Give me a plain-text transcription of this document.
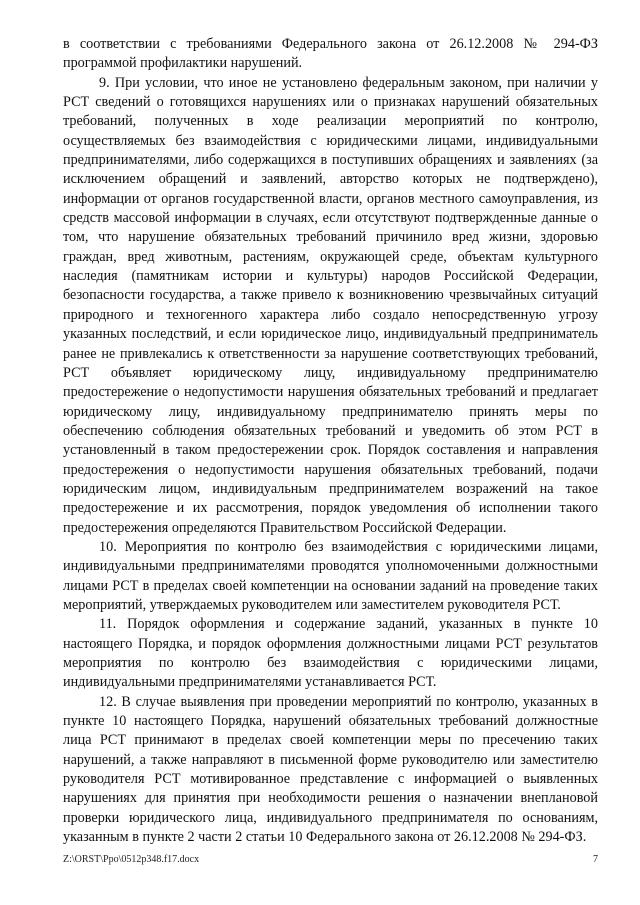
в соответствии с требованиями Федерального закона от 26.12.2008 № 294-ФЗ программой профилактики нарушений.

9. При условии, что иное не установлено федеральным законом, при наличии у РСТ сведений о готовящихся нарушениях или о признаках нарушений обязательных требований, полученных в ходе реализации мероприятий по контролю, осуществляемых без взаимодействия с юридическими лицами, индивидуальными предпринимателями, либо содержащихся в поступивших обращениях и заявлениях (за исключением обращений и заявлений, авторство которых не подтверждено), информации от органов государственной власти, органов местного самоуправления, из средств массовой информации в случаях, если отсутствуют подтвержденные данные о том, что нарушение обязательных требований причинило вред жизни, здоровью граждан, вред животным, растениям, окружающей среде, объектам культурного наследия (памятникам истории и культуры) народов Российской Федерации, безопасности государства, а также привело к возникновению чрезвычайных ситуаций природного и техногенного характера либо создало непосредственную угрозу указанных последствий, и если юридическое лицо, индивидуальный предприниматель ранее не привлекались к ответственности за нарушение соответствующих требований, РСТ объявляет юридическому лицу, индивидуальному предпринимателю предостережение о недопустимости нарушения обязательных требований и предлагает юридическому лицу, индивидуальному предпринимателю принять меры по обеспечению соблюдения обязательных требований и уведомить об этом РСТ в установленный в таком предостережении срок. Порядок составления и направления предостережения о недопустимости нарушения обязательных требований, подачи юридическим лицом, индивидуальным предпринимателем возражений на такое предостережение и их рассмотрения, порядок уведомления об исполнении такого предостережения определяются Правительством Российской Федерации.

10. Мероприятия по контролю без взаимодействия с юридическими лицами, индивидуальными предпринимателями проводятся уполномоченными должностными лицами РСТ в пределах своей компетенции на основании заданий на проведение таких мероприятий, утверждаемых руководителем или заместителем руководителя РСТ.

11. Порядок оформления и содержание заданий, указанных в пункте 10 настоящего Порядка, и порядок оформления должностными лицами РСТ результатов мероприятия по контролю без взаимодействия с юридическими лицами, индивидуальными предпринимателями устанавливается РСТ.

12. В случае выявления при проведении мероприятий по контролю, указанных в пункте 10 настоящего Порядка, нарушений обязательных требований должностные лица РСТ принимают в пределах своей компетенции меры по пресечению таких нарушений, а также направляют в письменной форме руководителю или заместителю руководителя РСТ мотивированное представление с информацией о выявленных нарушениях для принятия при необходимости решения о назначении внеплановой проверки юридического лица, индивидуального предпринимателя по основаниям, указанным в пункте 2 части 2 статьи 10 Федерального закона от 26.12.2008 № 294-ФЗ.

Z:\ORST\Ppo\0512p348.f17.docx	7
